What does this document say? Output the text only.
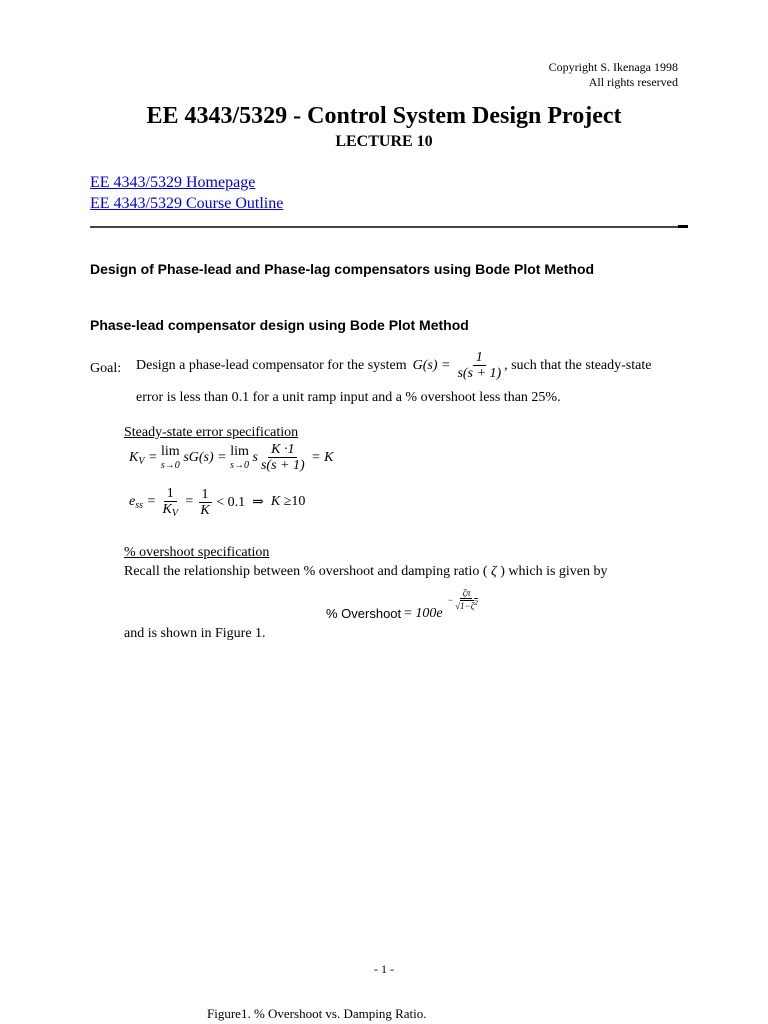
Copyright S. Ikenaga 1998
All rights reserved
EE 4343/5329 - Control System Design Project
LECTURE 10
EE 4343/5329 Homepage
EE 4343/5329 Course Outline
Design of Phase-lead and Phase-lag compensators using Bode Plot Method
Phase-lead compensator design using Bode Plot Method
Goal: Design a phase-lead compensator for the system $G(s) = \frac{1}{s(s + 1)}$ , such that the steady-state
error is less than 0.1 for a unit ramp input and a % overshoot less than 25%.
Steady-state error specification
$K_V = \lim$
s→0
sG(s) = lim
s→0
s $\frac{K \cdot 1}{s(s + 1)} = K$
$e_{ss} = \frac{1}{K_V} = \frac{1}{K} < 0.1$  ⇒ K ≥10
% overshoot specification
Recall the relationship between % overshoot and damping ratio ( ζ ) which is given by
% Overshoot = 100e
− $\frac{\zeta\pi}{√1-\zeta^2}$
and is shown in Figure 1.
- 1 -
Figure1. % Overshoot vs. Damping Ratio.
